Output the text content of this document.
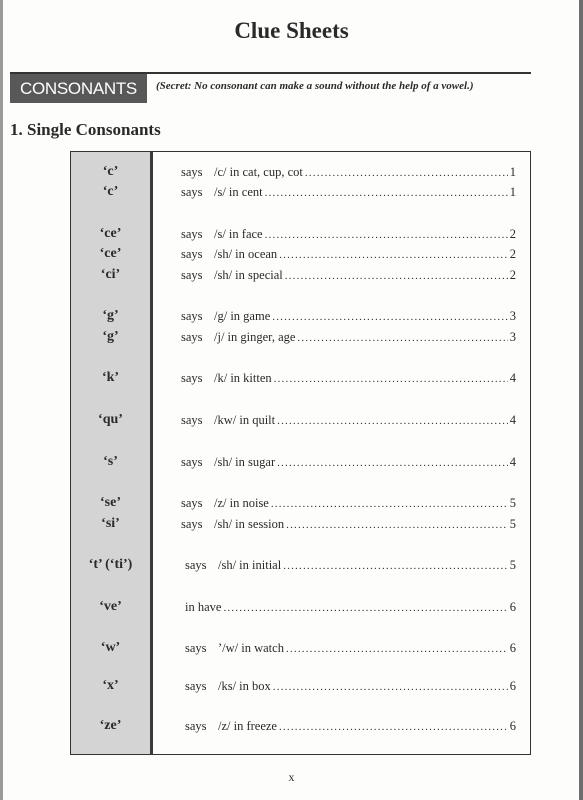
Clue Sheets
CONSONANTS	(Secret: No consonant can make a sound without the help of a vowel.)
1. Single Consonants
‘c’	says /c/ in cat, cup, cot .....	1
‘c’	says /s/ in cent .....	1
‘ce’	says /s/ in face .....	2
‘ce’	says /sh/ in ocean .....	2
‘ci’	says /sh/ in special .....	2
‘g’	says /g/ in game .....	3
‘g’	says /j/ in ginger, age .....	3
‘k’	says /k/ in kitten .....	4
‘qu’	says /kw/ in quilt .....	4
‘s’	says /sh/ in sugar .....	4
‘se’	says /z/ in noise .....	5
‘si’	says /sh/ in session .....	5
‘t’ (‘ti’)	says /sh/ in initial .....	5
‘ve’	in have .....	6
‘w’	says ’/w/ in watch .....	6
‘x’	says /ks/ in box .....	6
‘ze’	says /z/ in freeze .....	6
x
